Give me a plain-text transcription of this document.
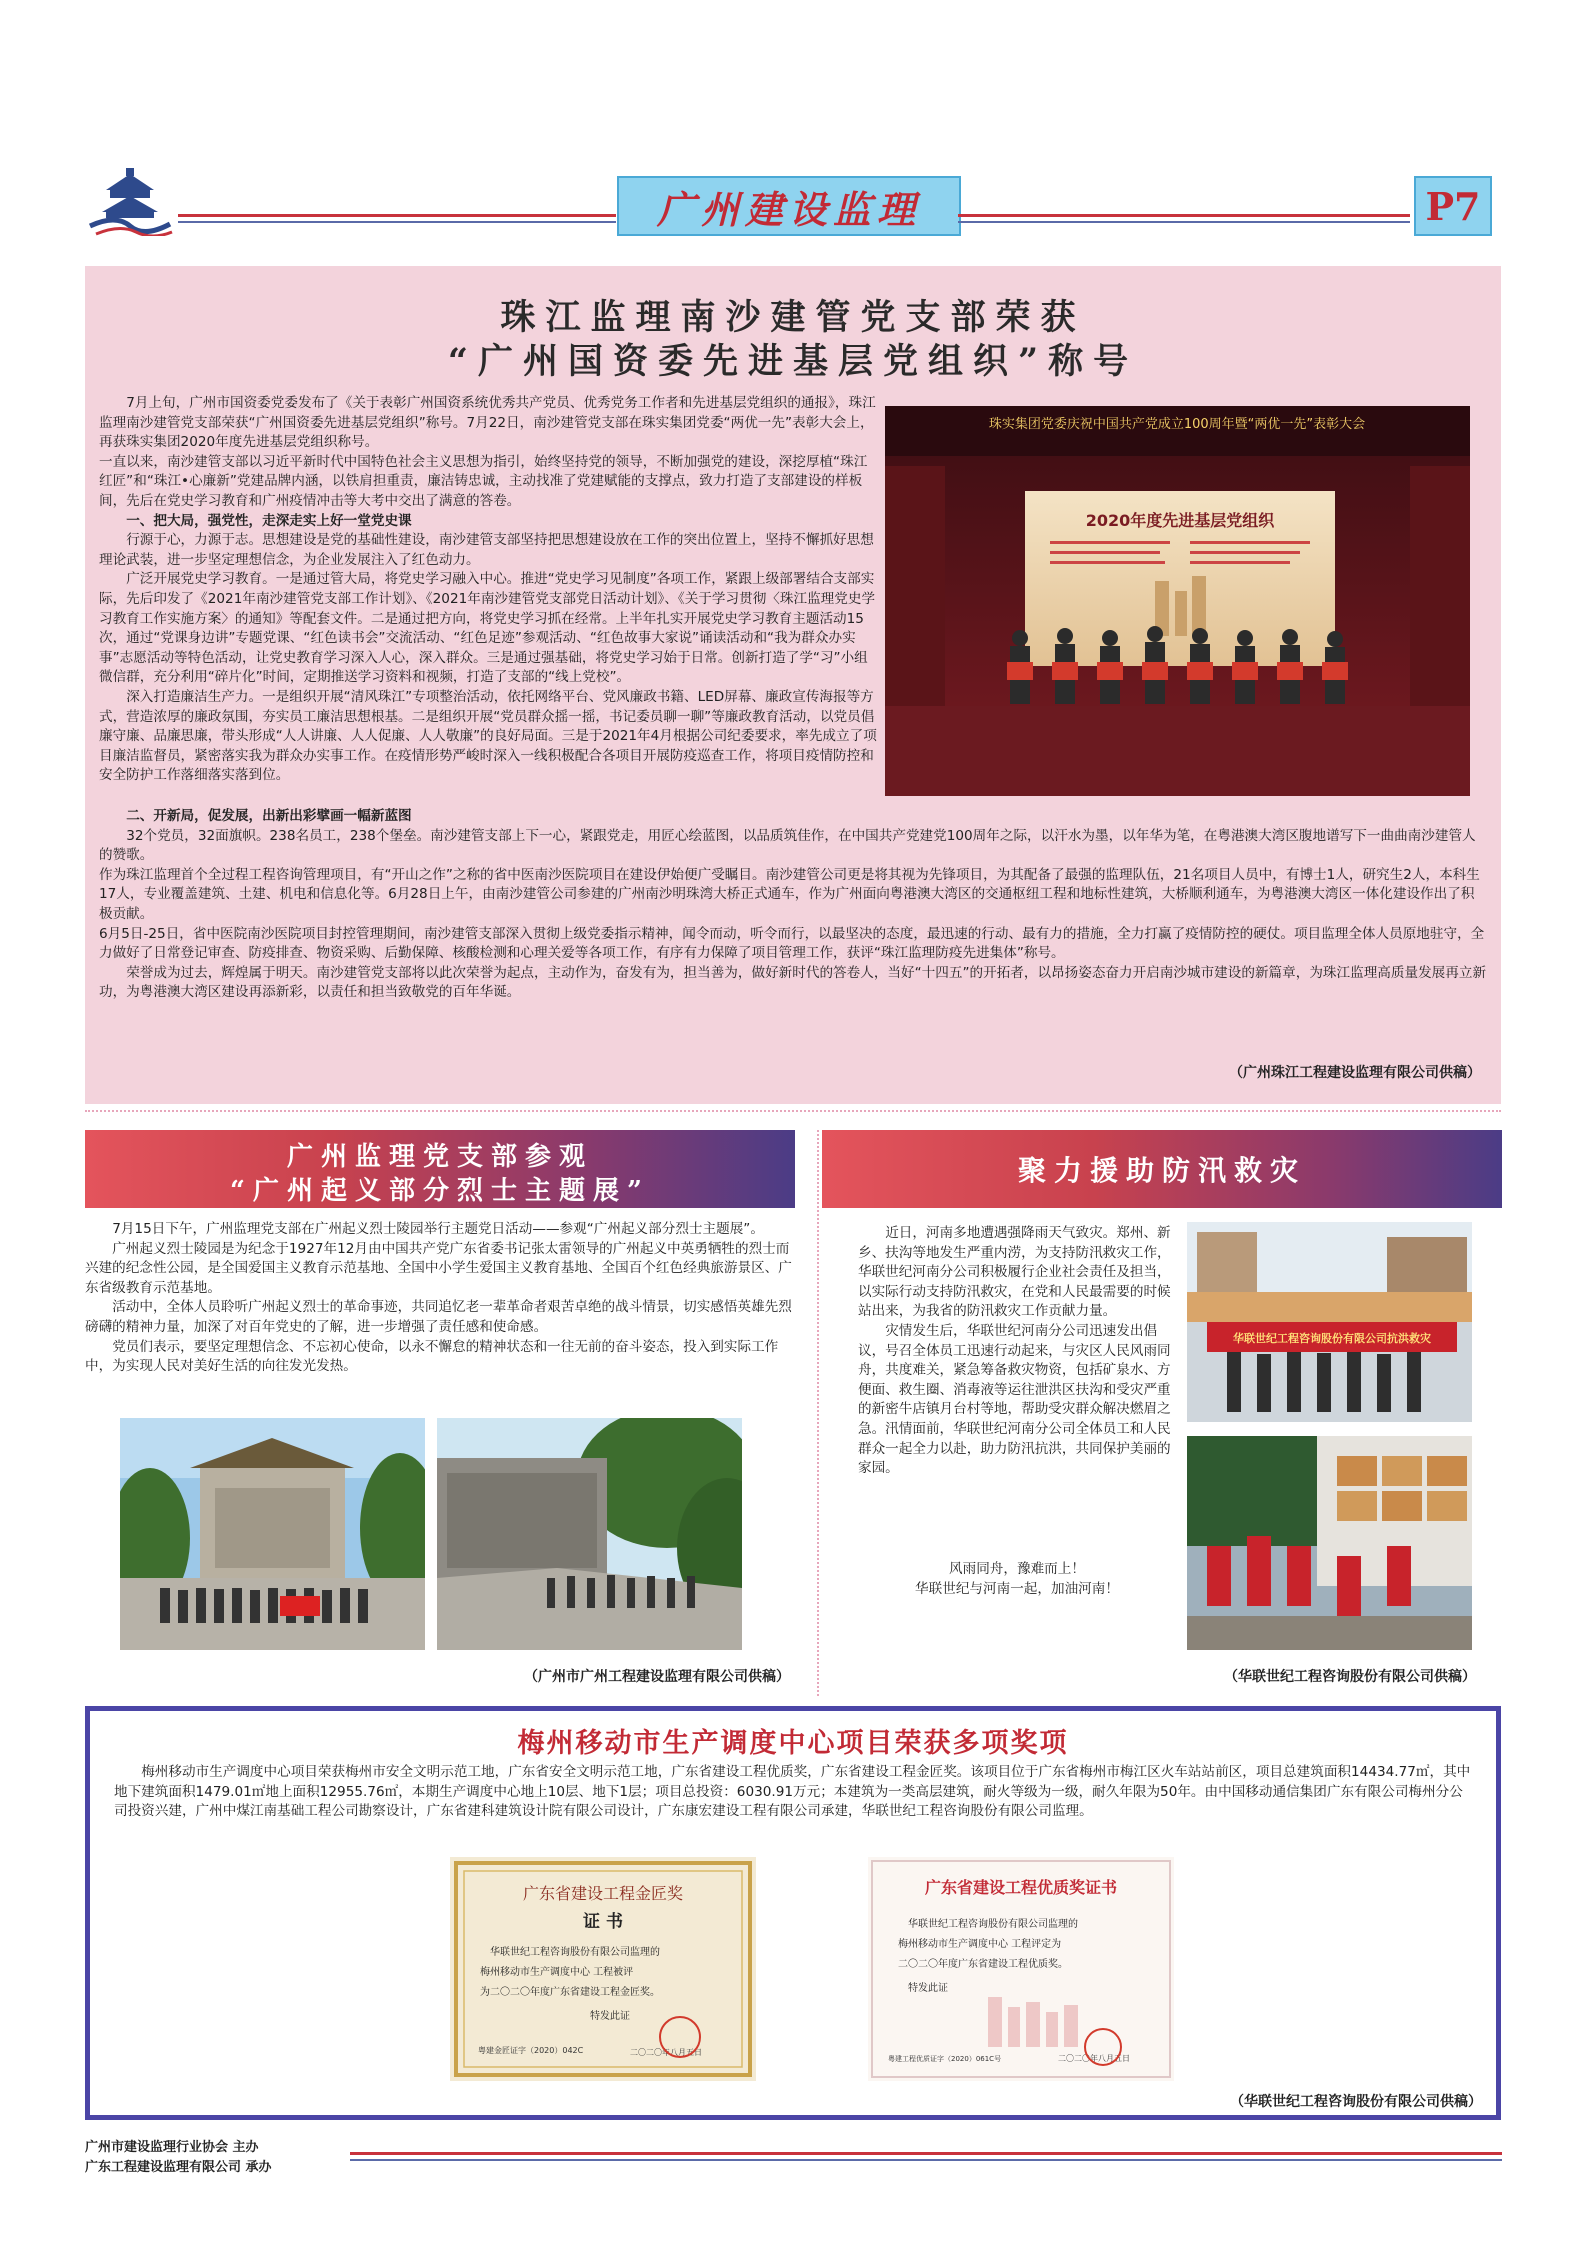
广州建设监理	P7
珠江监理南沙建管党支部荣获
“广州国资委先进基层党组织”称号

7月上旬，广州市国资委党委发布了《关于表彰广州国资系统优秀共产党员、优秀党务工作者和先进基层党组织的通报》，珠江监理南沙建管党支部荣获“广州国资委先进基层党组织”称号。7月22日，南沙建管党支部在珠实集团党委“两优一先”表彰大会上，再获珠实集团2020年度先进基层党组织称号。

一直以来，南沙建管支部以习近平新时代中国特色社会主义思想为指引，始终坚持党的领导，不断加强党的建设，深挖厚植“珠江红匠”和“珠江•心廉新”党建品牌内涵，以铁肩担重责，廉洁铸忠诚，主动找准了党建赋能的支撑点，致力打造了支部建设的样板间，先后在党史学习教育和广州疫情冲击等大考中交出了满意的答卷。

一、把大局，强党性，走深走实上好一堂党史课

行源于心，力源于志。思想建设是党的基础性建设，南沙建管支部坚持把思想建设放在工作的突出位置上，坚持不懈抓好思想理论武装，进一步坚定理想信念，为企业发展注入了红色动力。

广泛开展党史学习教育。一是通过管大局，将党史学习融入中心。推进“党史学习见制度”各项工作，紧跟上级部署结合支部实际，先后印发了《2021年南沙建管党支部工作计划》、《2021年南沙建管党支部党日活动计划》、《关于学习贯彻〈珠江监理党史学习教育工作实施方案〉的通知》等配套文件。二是通过把方向，将党史学习抓在经常。上半年扎实开展党史学习教育主题活动15次，通过“党课身边讲”专题党课、“红色读书会”交流活动、“红色足迹”参观活动、“红色故事大家说”诵读活动和“我为群众办实事”志愿活动等特色活动，让党史教育学习深入人心，深入群众。三是通过强基础，将党史学习始于日常。创新打造了学“习”小组微信群，充分利用“碎片化”时间，定期推送学习资料和视频，打造了支部的“线上党校”。

深入打造廉洁生产力。一是组织开展“清风珠江”专项整治活动，依托网络平台、党风廉政书籍、LED屏幕、廉政宣传海报等方式，营造浓厚的廉政氛围，夯实员工廉洁思想根基。二是组织开展“党员群众摇一摇，书记委员聊一聊”等廉政教育活动，以党员倡廉守廉、品廉思廉，带头形成“人人讲廉、人人促廉、人人敬廉”的良好局面。三是于2021年4月根据公司纪委要求，率先成立了项目廉洁监督员，紧密落实我为群众办实事工作。在疫情形势严峻时深入一线积极配合各项目开展防疫巡查工作，将项目疫情防控和安全防护工作落细落实落到位。

珠实集团党委庆祝中国共产党成立100周年暨“两优一先”表彰大会
2020年度先进基层党组织

二、开新局，促发展，出新出彩擘画一幅新蓝图

32个党员，32面旗帜。238名员工，238个堡垒。南沙建管支部上下一心，紧跟党走，用匠心绘蓝图，以品质筑佳作，在中国共产党建党100周年之际，以汗水为墨，以年华为笔，在粤港澳大湾区腹地谱写下一曲曲南沙建管人的赞歌。

作为珠江监理首个全过程工程咨询管理项目，有“开山之作”之称的省中医南沙医院项目在建设伊始便广受瞩目。南沙建管公司更是将其视为先锋项目，为其配备了最强的监理队伍，21名项目人员中，有博士1人，研究生2人，本科生17人，专业覆盖建筑、土建、机电和信息化等。6月28日上午，由南沙建管公司参建的广州南沙明珠湾大桥正式通车，作为广州面向粤港澳大湾区的交通枢纽工程和地标性建筑，大桥顺利通车，为粤港澳大湾区一体化建设作出了积极贡献。

6月5日-25日，省中医院南沙医院项目封控管理期间，南沙建管支部深入贯彻上级党委指示精神，闻令而动，听令而行，以最坚决的态度，最迅速的行动、最有力的措施，全力打赢了疫情防控的硬仗。项目监理全体人员原地驻守，全力做好了日常登记审查、防疫排查、物资采购、后勤保障、核酸检测和心理关爱等各项工作，有序有力保障了项目管理工作，获评“珠江监理防疫先进集体”称号。

荣誉成为过去，辉煌属于明天。南沙建管党支部将以此次荣誉为起点，主动作为，奋发有为，担当善为，做好新时代的答卷人，当好“十四五”的开拓者，以昂扬姿态奋力开启南沙城市建设的新篇章，为珠江监理高质量发展再立新功，为粤港澳大湾区建设再添新彩，以责任和担当致敬党的百年华诞。

（广州珠江工程建设监理有限公司供稿）
广州监理党支部参观
“广州起义部分烈士主题展”

7月15日下午，广州监理党支部在广州起义烈士陵园举行主题党日活动——参观“广州起义部分烈士主题展”。

广州起义烈士陵园是为纪念于1927年12月由中国共产党广东省委书记张太雷领导的广州起义中英勇牺牲的烈士而兴建的纪念性公园，是全国爱国主义教育示范基地、全国中小学生爱国主义教育基地、全国百个红色经典旅游景区、广东省级教育示范基地。

活动中，全体人员聆听广州起义烈士的革命事迹，共同追忆老一辈革命者艰苦卓绝的战斗情景，切实感悟英雄先烈磅礴的精神力量，加深了对百年党史的了解，进一步增强了责任感和使命感。

党员们表示，要坚定理想信念、不忘初心使命，以永不懈怠的精神状态和一往无前的奋斗姿态，投入到实际工作中，为实现人民对美好生活的向往发光发热。

（广州市广州工程建设监理有限公司供稿）
聚力援助防汛救灾

近日，河南多地遭遇强降雨天气致灾。郑州、新乡、扶沟等地发生严重内涝，为支持防汛救灾工作，华联世纪河南分公司积极履行企业社会责任及担当，以实际行动支持防汛救灾，在党和人民最需要的时候站出来，为我省的防汛救灾工作贡献力量。

灾情发生后，华联世纪河南分公司迅速发出倡议，号召全体员工迅速行动起来，与灾区人民风雨同舟，共度难关，紧急筹备救灾物资，包括矿泉水、方便面、救生圈、消毒液等运往泄洪区扶沟和受灾严重的新密牛店镇月台村等地，帮助受灾群众解决燃眉之急。汛情面前，华联世纪河南分公司全体员工和人民群众一起全力以赴，助力防汛抗洪，共同保护美丽的家园。

风雨同舟，豫难而上！

华联世纪与河南一起，加油河南！

华联世纪工程咨询股份有限公司抗洪救灾
（华联世纪工程咨询股份有限公司供稿）
梅州移动市生产调度中心项目荣获多项奖项

梅州移动市生产调度中心项目荣获梅州市安全文明示范工地，广东省安全文明示范工地，广东省建设工程优质奖，广东省建设工程金匠奖。该项目位于广东省梅州市梅江区火车站站前区，项目总建筑面积14434.77㎡，其中地下建筑面积1479.01㎡地上面积12955.76㎡，本期生产调度中心地上10层、地下1层；项目总投资：6030.91万元；本建筑为一类高层建筑，耐火等级为一级，耐久年限为50年。由中国移动通信集团广东有限公司梅州分公司投资兴建，广州中煤江南基础工程公司勘察设计，广东省建科建筑设计院有限公司设计，广东康宏建设工程有限公司承建，华联世纪工程咨询股份有限公司监理。

广东省建设工程金匠奖
证 书
华联世纪工程咨询股份有限公司监理的
梅州移动市生产调度中心 工程被评
为二〇二〇年度广东省建设工程金匠奖。
特发此证
粤建金匠证字（2020）042C	二〇二〇年八月五日
广东省建设工程优质奖证书
华联世纪工程咨询股份有限公司监理的
梅州移动市生产调度中心 工程评定为
二〇二〇年度广东省建设工程优质奖。
特发此证
粤建工程优质证字（2020）061C号	二〇二〇年八月五日
（华联世纪工程咨询股份有限公司供稿）
广州市建设监理行业协会 主办
广东工程建设监理有限公司 承办
